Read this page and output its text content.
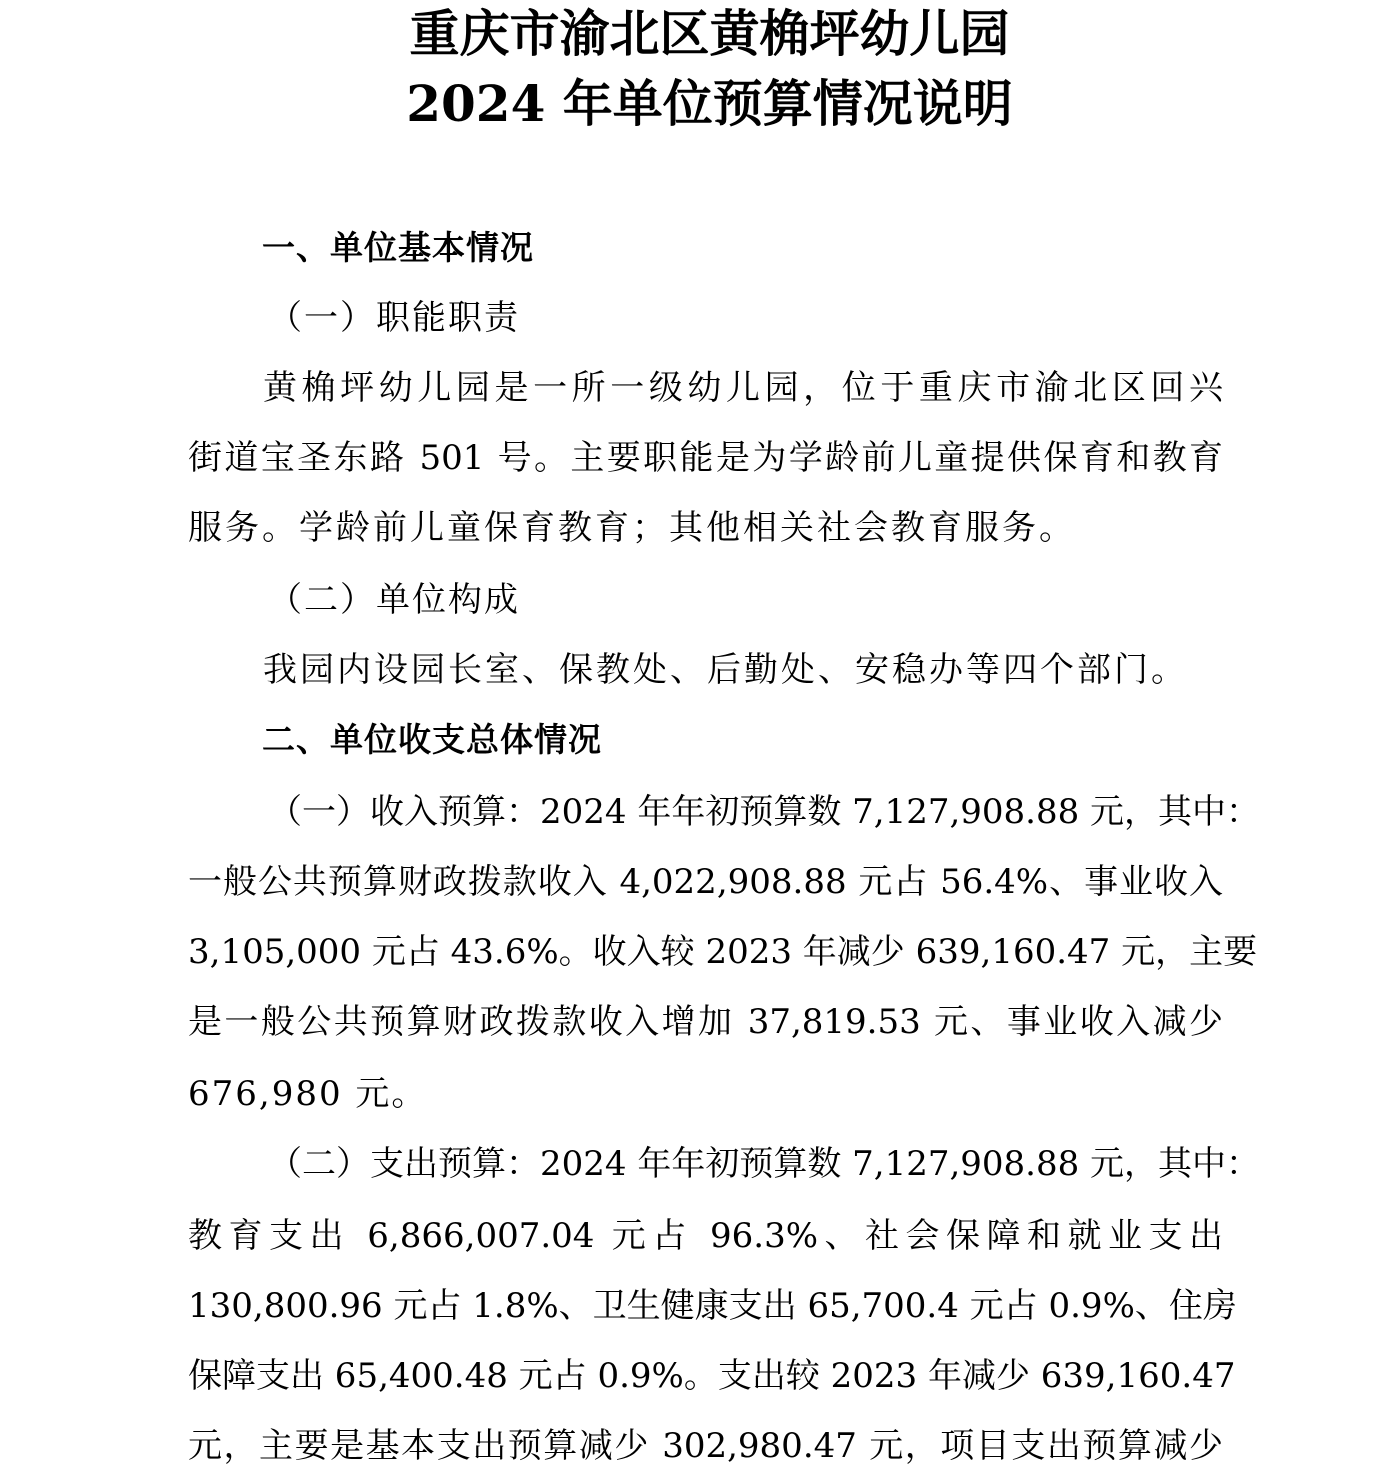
重庆市渝北区黄桷坪幼儿园
2024 年单位预算情况说明
一、单位基本情况
（一）职能职责
黄桷坪幼儿园是一所一级幼儿园，位于重庆市渝北区回兴
街道宝圣东路 501 号。主要职能是为学龄前儿童提供保育和教育
服务。学龄前儿童保育教育；其他相关社会教育服务。
（二）单位构成
我园内设园长室、保教处、后勤处、安稳办等四个部门。
二、单位收支总体情况
（一）收入预算：2024 年年初预算数 7,127,908.88 元，其中：
一般公共预算财政拨款收入 4,022,908.88 元占 56.4%、事业收入
3,105,000 元占 43.6%。收入较 2023 年减少 639,160.47 元，主要
是一般公共预算财政拨款收入增加 37,819.53 元、事业收入减少
676,980 元。
（二）支出预算：2024 年年初预算数 7,127,908.88 元，其中：
教育支出 6,866,007.04 元占 96.3%、社会保障和就业支出
130,800.96 元占 1.8%、卫生健康支出 65,700.4 元占 0.9%、住房
保障支出 65,400.48 元占 0.9%。支出较 2023 年减少 639,160.47
元，主要是基本支出预算减少 302,980.47 元，项目支出预算减少
